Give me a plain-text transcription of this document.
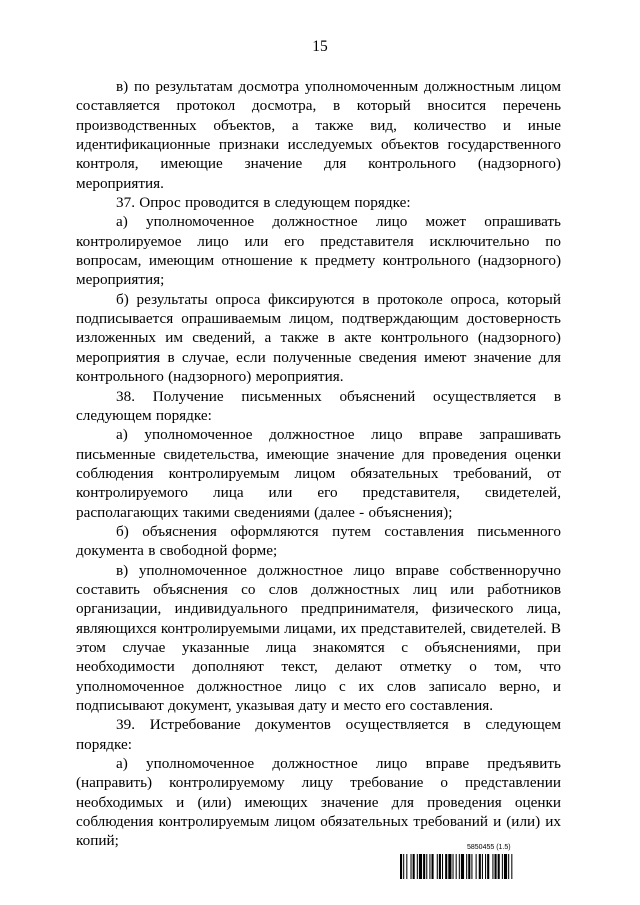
15

в) по результатам досмотра уполномоченным должностным лицом составляется протокол досмотра, в который вносится перечень производственных объектов, а также вид, количество и иные идентификационные признаки исследуемых объектов государственного контроля, имеющие значение для контрольного (надзорного) мероприятия.

37. Опрос проводится в следующем порядке:

а) уполномоченное должностное лицо может опрашивать контролируемое лицо или его представителя исключительно по вопросам, имеющим отношение к предмету контрольного (надзорного) мероприятия;

б) результаты опроса фиксируются в протоколе опроса, который подписывается опрашиваемым лицом, подтверждающим достоверность изложенных им сведений, а также в акте контрольного (надзорного) мероприятия в случае, если полученные сведения имеют значение для контрольного (надзорного) мероприятия.

38. Получение письменных объяснений осуществляется в следующем порядке:

а) уполномоченное должностное лицо вправе запрашивать письменные свидетельства, имеющие значение для проведения оценки соблюдения контролируемым лицом обязательных требований, от контролируемого лица или его представителя, свидетелей, располагающих такими сведениями (далее - объяснения);

б) объяснения оформляются путем составления письменного документа в свободной форме;

в) уполномоченное должностное лицо вправе собственноручно составить объяснения со слов должностных лиц или работников организации, индивидуального предпринимателя, физического лица, являющихся контролируемыми лицами, их представителей, свидетелей. В этом случае указанные лица знакомятся с объяснениями, при необходимости дополняют текст, делают отметку о том, что уполномоченное должностное лицо с их слов записало верно, и подписывают документ, указывая дату и место его составления.

39. Истребование документов осуществляется в следующем порядке:

а) уполномоченное должностное лицо вправе предъявить (направить) контролируемому лицу требование о представлении необходимых и (или) имеющих значение для проведения оценки соблюдения контролируемым лицом обязательных требований и (или) их копий;	5850455 (1.5)
